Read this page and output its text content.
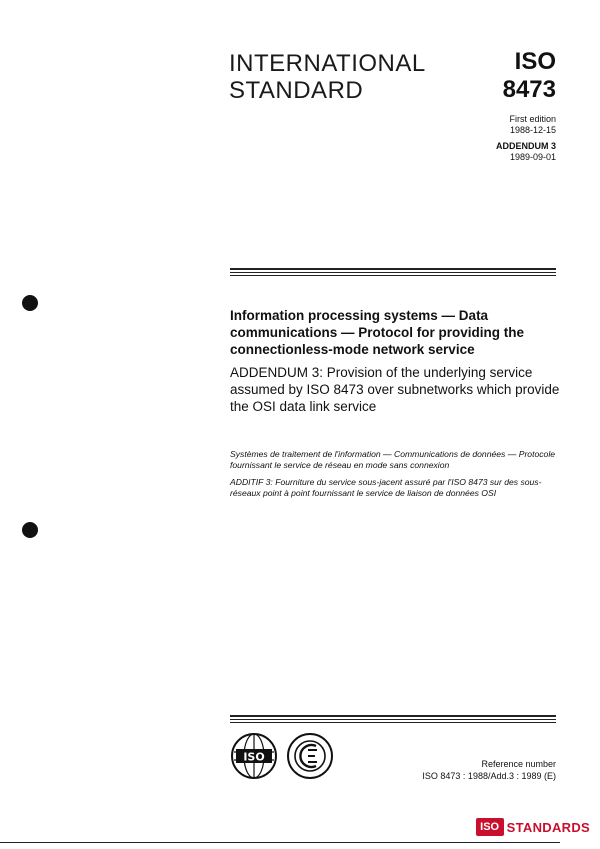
INTERNATIONAL
STANDARD
ISO
8473
First edition
1988-12-15
ADDENDUM 3
1989-09-01
Information processing systems — Data communications — Protocol for providing the connectionless-mode network service
ADDENDUM 3: Provision of the underlying service assumed by ISO 8473 over subnetworks which provide the OSI data link service

Systèmes de traitement de l'information — Communications de données — Protocole fournissant le service de réseau en mode sans connexion

ADDITIF 3: Fourniture du service sous-jacent assuré par l'ISO 8473 sur des sous-réseaux point à point fournissant le service de liaison de données OSI

ISO
Reference number
ISO 8473 : 1988/Add.3 : 1989 (E)
ISO STANDARDS
